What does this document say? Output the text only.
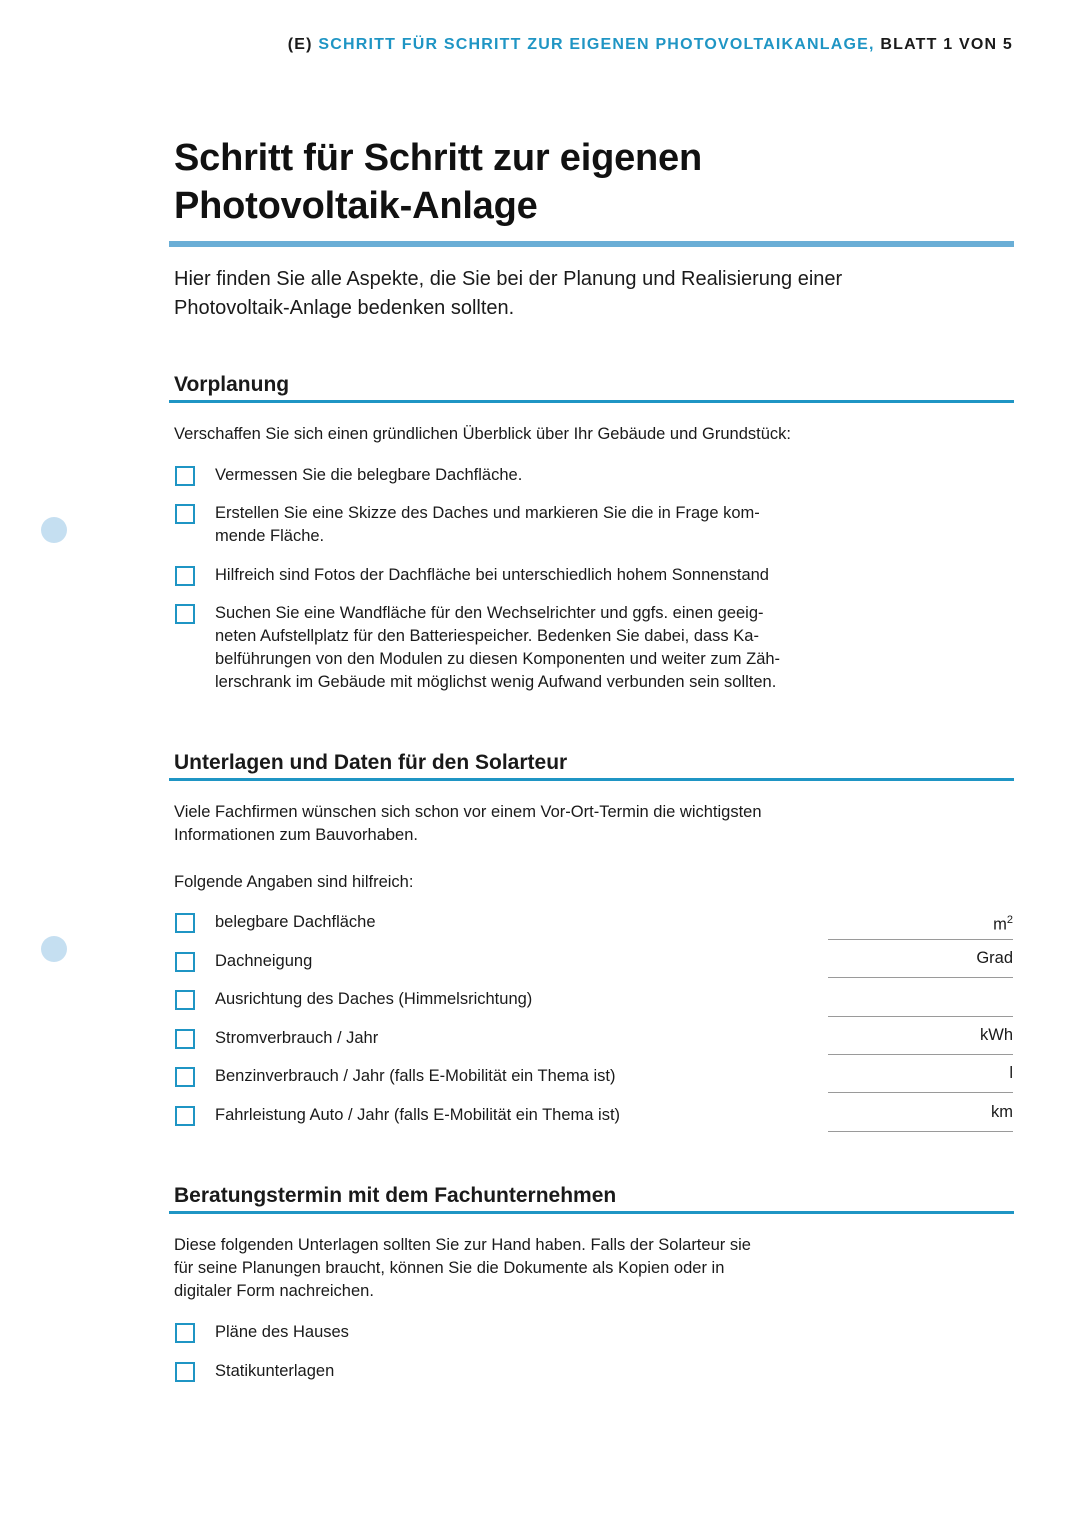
(E) SCHRITT FÜR SCHRITT ZUR EIGENEN PHOTOVOLTAIKANLAGE, BLATT 1 VON 5
Schritt für Schritt zur eigenen
Photovoltaik-Anlage

Hier finden Sie alle Aspekte, die Sie bei der Planung und Realisierung einer
Photovoltaik-Anlage bedenken sollten.

Vorplanung

Verschaffen Sie sich einen gründlichen Überblick über Ihr Gebäude und Grundstück:

Vermessen Sie die belegbare Dachfläche.
Erstellen Sie eine Skizze des Daches und markieren Sie die in Frage kom-
mende Fläche.
Hilfreich sind Fotos der Dachfläche bei unterschiedlich hohem Sonnenstand
Suchen Sie eine Wandfläche für den Wechselrichter und ggfs. einen geeig-
neten Aufstellplatz für den Batteriespeicher. Bedenken Sie dabei, dass Ka-
belführungen von den Modulen zu diesen Komponenten und weiter zum Zäh-
lerschrank im Gebäude mit möglichst wenig Aufwand verbunden sein sollten.
Unterlagen und Daten für den Solarteur

Viele Fachfirmen wünschen sich schon vor einem Vor-Ort-Termin die wichtigsten
Informationen zum Bauvorhaben.

Folgende Angaben sind hilfreich:

belegbare Dachfläche	$m^2$
Dachneigung	Grad
Ausrichtung des Daches (Himmelsrichtung)
Stromverbrauch / Jahr	kWh
Benzinverbrauch / Jahr (falls E-Mobilität ein Thema ist)	l
Fahrleistung Auto / Jahr (falls E-Mobilität ein Thema ist)	km
Beratungstermin mit dem Fachunternehmen

Diese folgenden Unterlagen sollten Sie zur Hand haben. Falls der Solarteur sie
für seine Planungen braucht, können Sie die Dokumente als Kopien oder in
digitaler Form nachreichen.

Pläne des Hauses
Statikunterlagen
